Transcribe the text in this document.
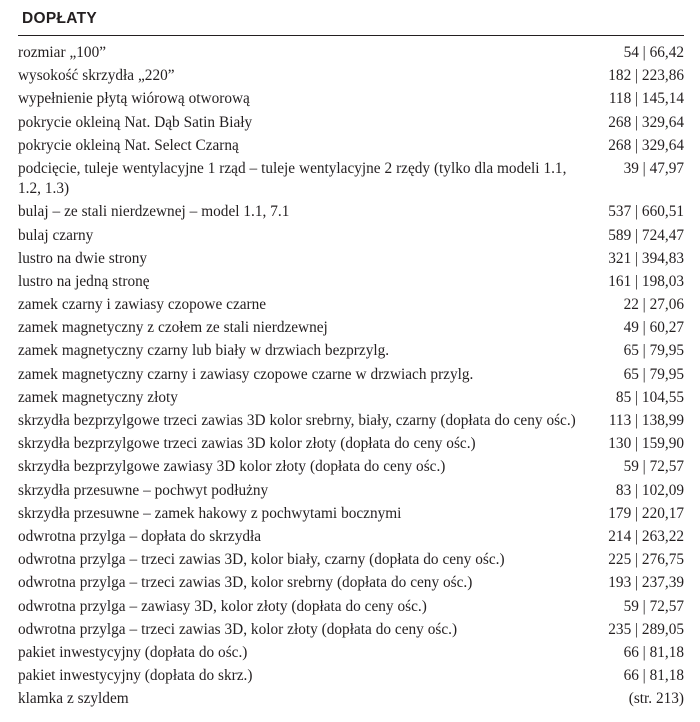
DOPŁATY
rozmiar „100”	54 | 66,42
wysokość skrzydła „220”	182 | 223,86
wypełnienie płytą wiórową otworową	118 | 145,14
pokrycie okleiną Nat. Dąb Satin Biały	268 | 329,64
pokrycie okleiną Nat. Select Czarną	268 | 329,64
podcięcie, tuleje wentylacyjne 1 rząd – tuleje wentylacyjne 2 rzędy (tylko dla modeli 1.1, 1.2, 1.3)	39 | 47,97
bulaj – ze stali nierdzewnej – model 1.1, 7.1	537 | 660,51
bulaj czarny	589 | 724,47
lustro na dwie strony	321 | 394,83
lustro na jedną stronę	161 | 198,03
zamek czarny i zawiasy czopowe czarne	22 | 27,06
zamek magnetyczny z czołem ze stali nierdzewnej	49 | 60,27
zamek magnetyczny czarny lub biały w drzwiach bezprzylg.	65 | 79,95
zamek magnetyczny czarny i zawiasy czopowe czarne w drzwiach przylg.	65 | 79,95
zamek magnetyczny złoty	85 | 104,55
skrzydła bezprzylgowe trzeci zawias 3D kolor srebrny, biały, czarny (dopłata do ceny ośc.)	113 | 138,99
skrzydła bezprzylgowe trzeci zawias 3D kolor złoty (dopłata do ceny ośc.)	130 | 159,90
skrzydła bezprzylgowe zawiasy 3D kolor złoty (dopłata do ceny ośc.)	59 | 72,57
skrzydła przesuwne – pochwyt podłużny	83 | 102,09
skrzydła przesuwne – zamek hakowy z pochwytami bocznymi	179 | 220,17
odwrotna przylga – dopłata do skrzydła	214 | 263,22
odwrotna przylga – trzeci zawias 3D, kolor biały, czarny (dopłata do ceny ośc.)	225 | 276,75
odwrotna przylga – trzeci zawias 3D, kolor srebrny (dopłata do ceny ośc.)	193 | 237,39
odwrotna przylga – zawiasy 3D, kolor złoty (dopłata do ceny ośc.)	59 | 72,57
odwrotna przylga – trzeci zawias 3D, kolor złoty (dopłata do ceny ośc.)	235 | 289,05
pakiet inwestycyjny (dopłata do ośc.)	66 | 81,18
pakiet inwestycyjny (dopłata do skrz.)	66 | 81,18
klamka z szyldem	(str. 213)
